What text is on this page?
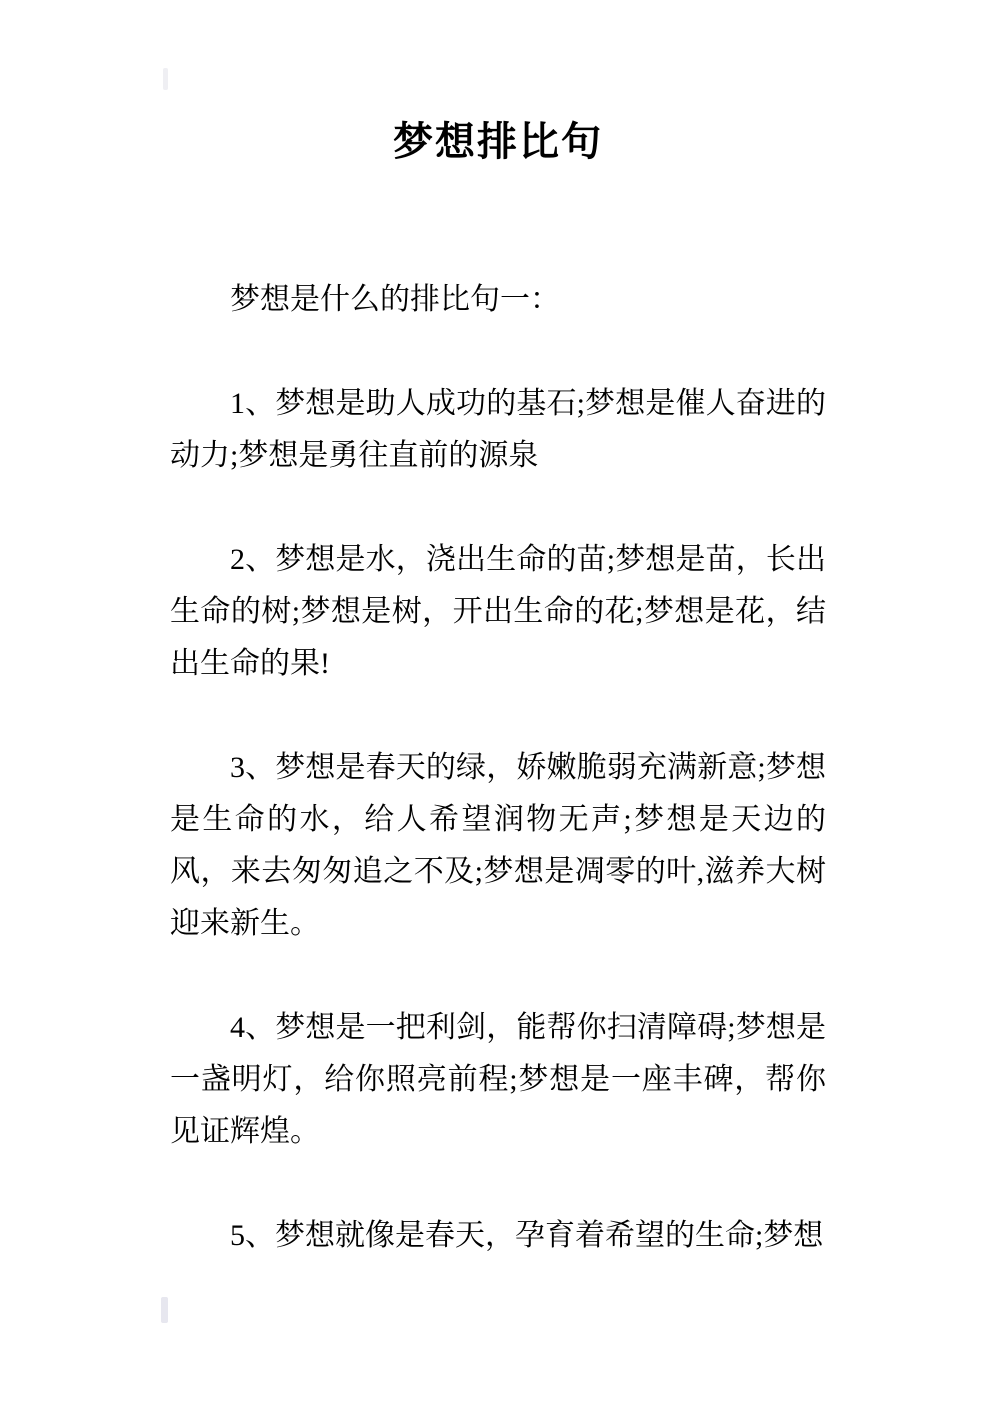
梦想排比句

梦想是什么的排比句一：

1、梦想是助人成功的基石;梦想是催人奋进的动力;梦想是勇往直前的源泉

2、梦想是水，浇出生命的苗;梦想是苗，长出生命的树;梦想是树，开出生命的花;梦想是花，结出生命的果!

3、梦想是春天的绿，娇嫩脆弱充满新意;梦想是生命的水，给人希望润物无声;梦想是天边的风，来去匆匆追之不及;梦想是凋零的叶,滋养大树迎来新生。

4、梦想是一把利剑，能帮你扫清障碍;梦想是一盏明灯，给你照亮前程;梦想是一座丰碑，帮你见证辉煌。

5、梦想就像是春天，孕育着希望的生命;梦想
